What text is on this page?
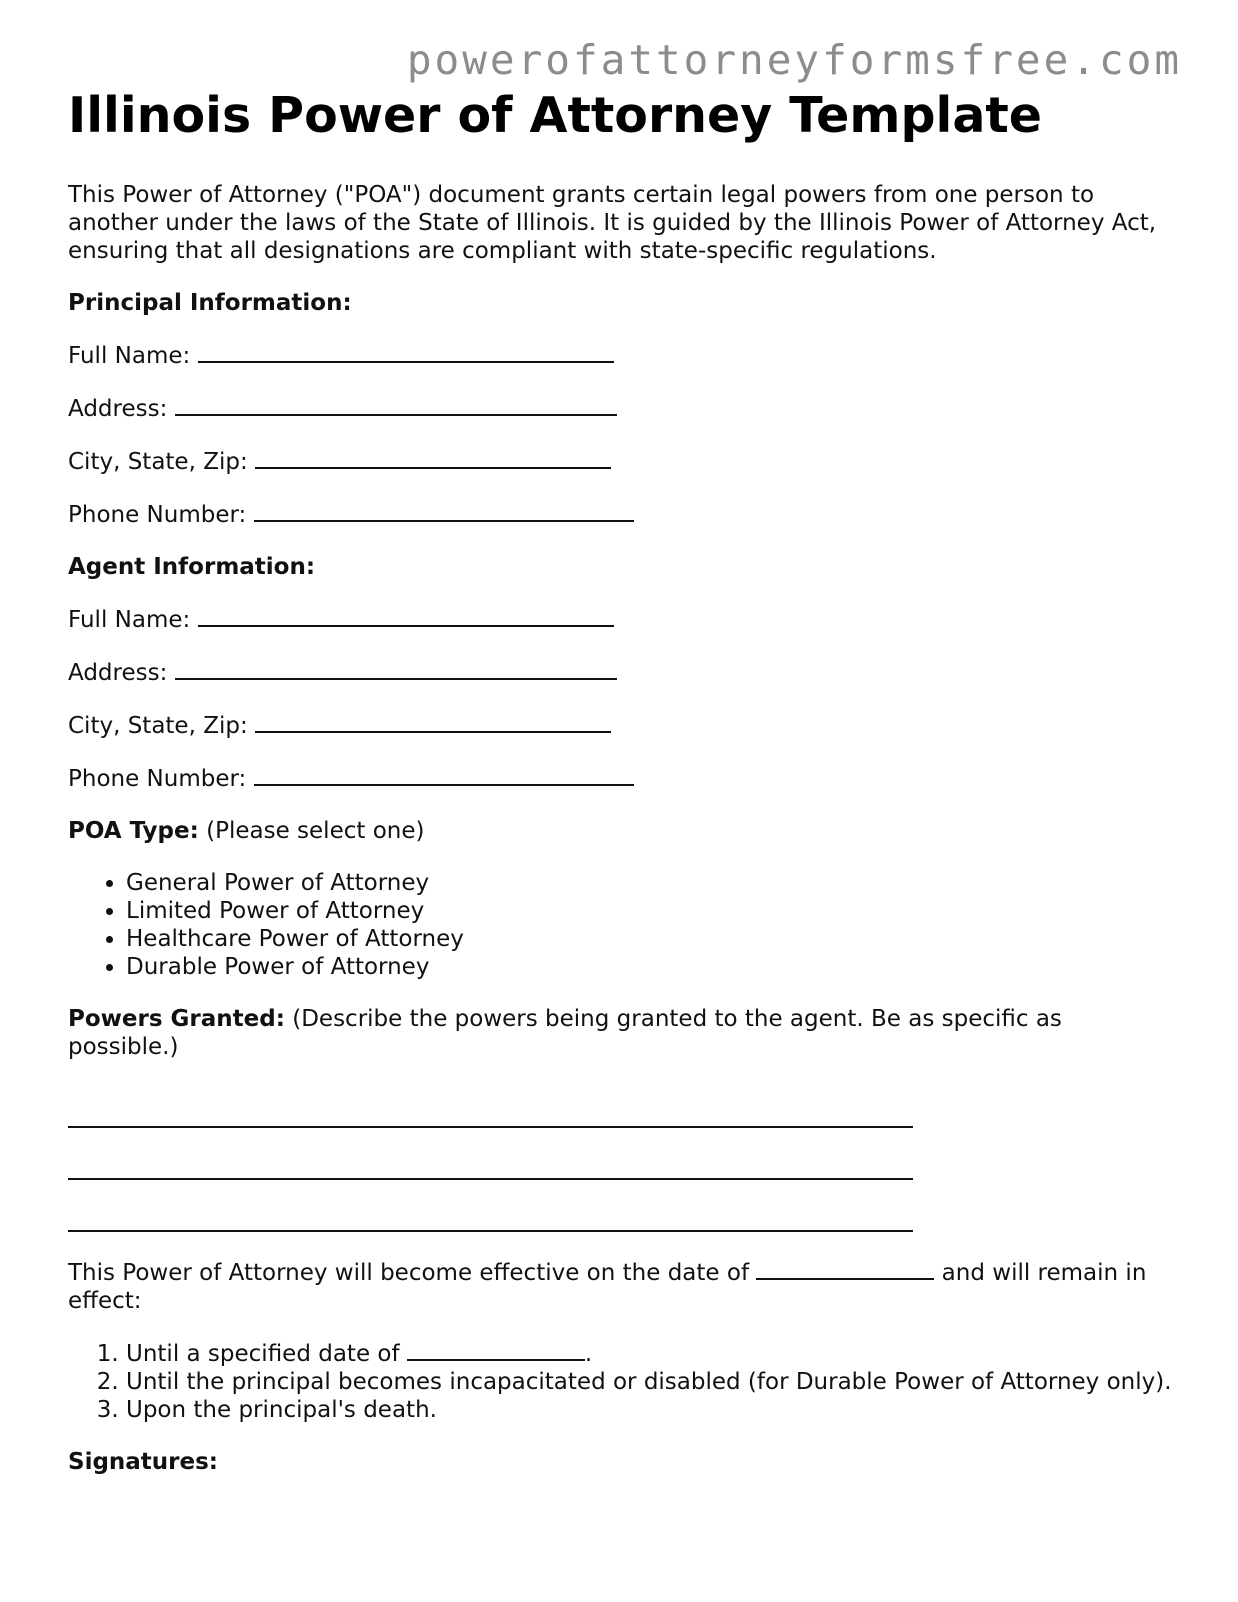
powerofattorneyformsfree.com
Illinois Power of Attorney Template

This Power of Attorney ("POA") document grants certain legal powers from one person to another under the laws of the State of Illinois. It is guided by the Illinois Power of Attorney Act, ensuring that all designations are compliant with state-specific regulations.

Principal Information:

Full Name:

Address:

City, State, Zip:

Phone Number:

Agent Information:

Full Name:

Address:

City, State, Zip:

Phone Number:

POA Type: (Please select one)

• General Power of Attorney
• Limited Power of Attorney
• Healthcare Power of Attorney
• Durable Power of Attorney

Powers Granted: (Describe the powers being granted to the agent. Be as specific as possible.)

This Power of Attorney will become effective on the date of	and will remain in effect:

1. Until a specified date of	.
2. Until the principal becomes incapacitated or disabled (for Durable Power of Attorney only).
3. Upon the principal's death.

Signatures:
